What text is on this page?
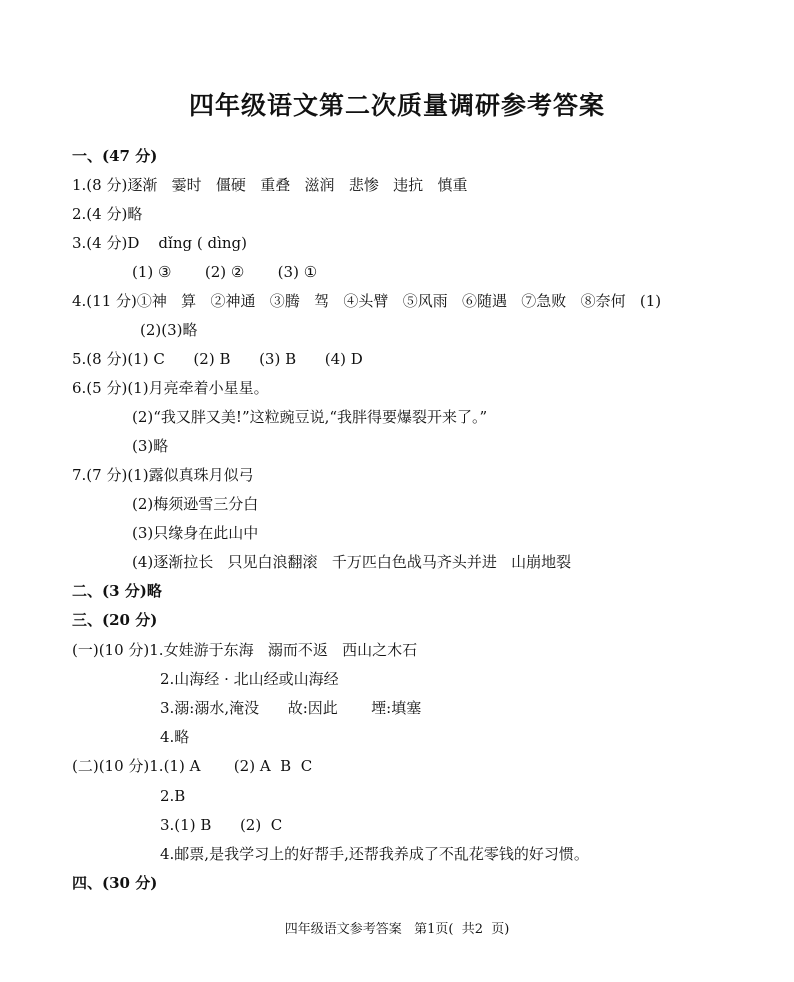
四年级语文第二次质量调研参考答案
一、(47 分)
1.(8 分)逐渐   霎时   僵硬   重叠   滋润   悲惨   违抗   慎重
2.(4 分)略
3.(4 分)D    dǐng ( dìng)
(1) ③       (2) ②       (3) ①
4.(11 分)①神   算   ②神通   ③腾   驾   ④头臂   ⑤风雨   ⑥随遇   ⑦急败   ⑧奈何   (1)
(2)(3)略
5.(8 分)(1) C      (2) B      (3) B      (4) D
6.(5 分)(1)月亮牵着小星星。
(2)“我又胖又美!”这粒豌豆说,“我胖得要爆裂开来了。”
(3)略
7.(7 分)(1)露似真珠月似弓
(2)梅须逊雪三分白
(3)只缘身在此山中
(4)逐渐拉长   只见白浪翻滚   千万匹白色战马齐头并进   山崩地裂
二、(3 分)略
三、(20 分)
(一)(10 分)1.女娃游于东海   溺而不返   西山之木石
2.山海经 · 北山经或山海经
3.溺:溺水,淹没      故:因此       堙:填塞
4.略
(二)(10 分)1.(1) A       (2) A  B  C
2.B
3.(1) B      (2)  C
4.邮票,是我学习上的好帮手,还帮我养成了不乱花零钱的好习惯。
四、(30 分)
四年级语文参考答案   第1页(  共2  页)
